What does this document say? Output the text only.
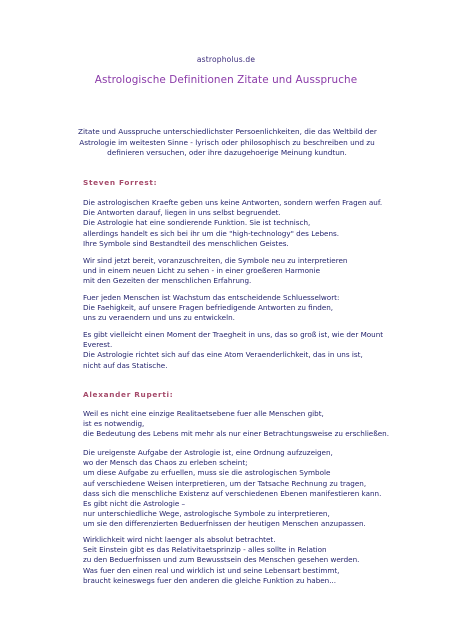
astropholus.de
Astrologische Definitionen Zitate und Ausspruche
Zitate und Ausspruche unterschiedlichster Persoenlichkeiten, die das Weltbild der
Astrologie im weitesten Sinne - lyrisch oder philosophisch zu beschreiben und zu
definieren versuchen, oder ihre dazugehoerige Meinung kundtun.
Steven Forrest:
Die astrologischen Kraefte geben uns keine Antworten, sondern werfen Fragen auf.
Die Antworten darauf, liegen in uns selbst begruendet.
Die Astrologie hat eine sondierende Funktion. Sie ist technisch,
allerdings handelt es sich bei ihr um die "high-technology" des Lebens.
Ihre Symbole sind Bestandteil des menschlichen Geistes.
Wir sind jetzt bereit, voranzuschreiten, die Symbole neu zu interpretieren
und in einem neuen Licht zu sehen - in einer groeßeren Harmonie
mit den Gezeiten der menschlichen Erfahrung.
Fuer jeden Menschen ist Wachstum das entscheidende Schluesselwort:
Die Faehigkeit, auf unsere Fragen befriedigende Antworten zu finden,
uns zu veraendern und uns zu entwickeln.
Es gibt vielleicht einen Moment der Traegheit in uns, das so groß ist, wie der Mount
Everest.
Die Astrologie richtet sich auf das eine Atom Veraenderlichkeit, das in uns ist,
nicht auf das Statische.
Alexander Ruperti:
Weil es nicht eine einzige Realitaetsebene fuer alle Menschen gibt,
ist es notwendig,
die Bedeutung des Lebens mit mehr als nur einer Betrachtungsweise zu erschließen.
Die ureigenste Aufgabe der Astrologie ist, eine Ordnung aufzuzeigen,
wo der Mensch das Chaos zu erleben scheint;
um diese Aufgabe zu erfuellen, muss sie die astrologischen Symbole
auf verschiedene Weisen interpretieren, um der Tatsache Rechnung zu tragen,
dass sich die menschliche Existenz auf verschiedenen Ebenen manifestieren kann.
Es gibt nicht die Astrologie –
nur unterschiedliche Wege, astrologische Symbole zu interpretieren,
um sie den differenzierten Beduerfnissen der heutigen Menschen anzupassen.
Wirklichkeit wird nicht laenger als absolut betrachtet.
Seit Einstein gibt es das Relativitaetsprinzip - alles sollte in Relation
zu den Beduerfnissen und zum Bewusstsein des Menschen gesehen werden.
Was fuer den einen real und wirklich ist und seine Lebensart bestimmt,
braucht keineswegs fuer den anderen die gleiche Funktion zu haben...
